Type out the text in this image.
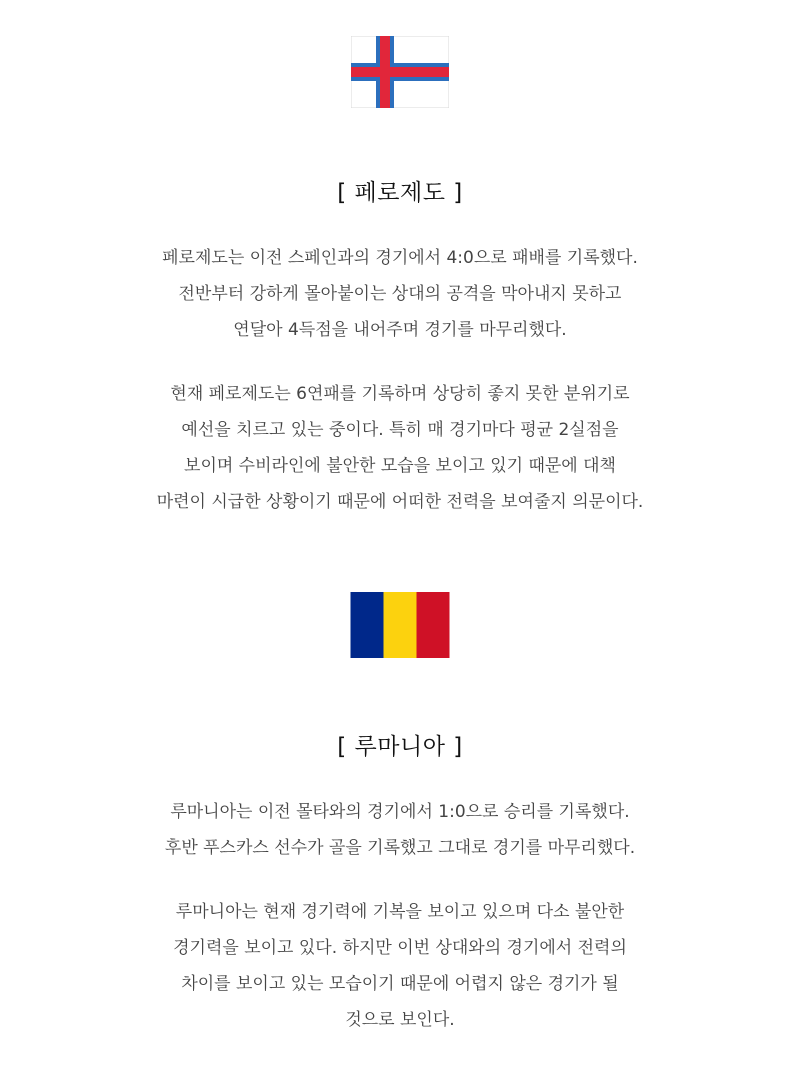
[ 페로제도 ]
페로제도는 이전 스페인과의 경기에서 4:0으로 패배를 기록했다.
전반부터 강하게 몰아붙이는 상대의 공격을 막아내지 못하고
연달아 4득점을 내어주며 경기를 마무리했다.
현재 페로제도는 6연패를 기록하며 상당히 좋지 못한 분위기로
예선을 치르고 있는 중이다. 특히 매 경기마다 평균 2실점을
보이며 수비라인에 불안한 모습을 보이고 있기 때문에 대책
마련이 시급한 상황이기 때문에 어떠한 전력을 보여줄지 의문이다.
[ 루마니아 ]
루마니아는 이전 몰타와의 경기에서 1:0으로 승리를 기록했다.
후반 푸스카스 선수가 골을 기록했고 그대로 경기를 마무리했다.
루마니아는 현재 경기력에 기복을 보이고 있으며 다소 불안한
경기력을 보이고 있다. 하지만 이번 상대와의 경기에서 전력의
차이를 보이고 있는 모습이기 때문에 어렵지 않은 경기가 될
것으로 보인다.
